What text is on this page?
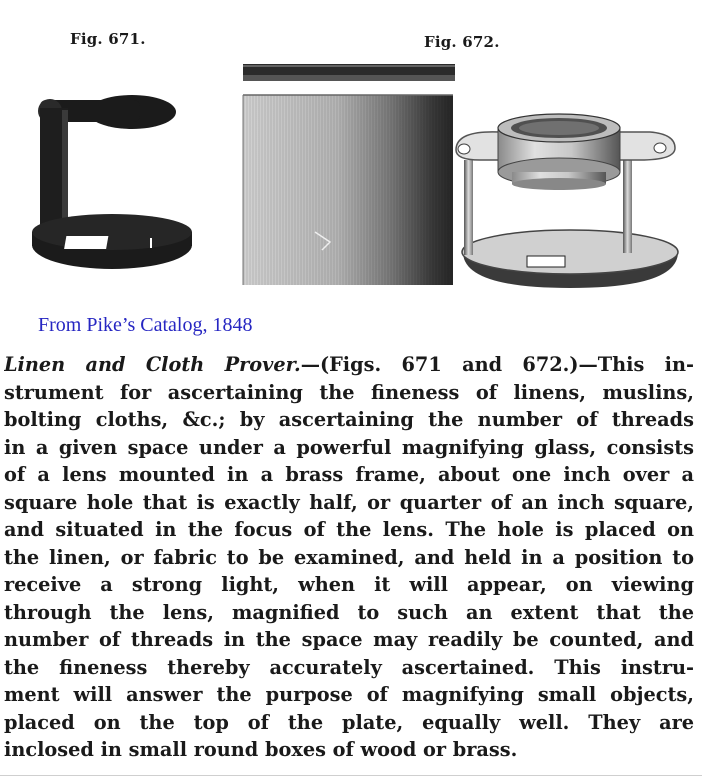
Fig. 671.	Fig. 672.
From Pike’s Catalog, 1848
Linen and Cloth Prover.—(Figs. 671 and 672.)—This in-
strument for ascertaining the fineness of linens, muslins,
bolting cloths, &c.; by ascertaining the number of threads
in a given space under a powerful magnifying glass, consists
of a lens mounted in a brass frame, about one inch over a
square hole that is exactly half, or quarter of an inch square,
and situated in the focus of the lens. The hole is placed on
the linen, or fabric to be examined, and held in a position to
receive a strong light, when it will appear, on viewing
through the lens, magnified to such an extent that the
number of threads in the space may readily be counted, and
the fineness thereby accurately ascertained. This instru-
ment will answer the purpose of magnifying small objects,
placed on the top of the plate, equally well. They are
inclosed in small round boxes of wood or brass.
